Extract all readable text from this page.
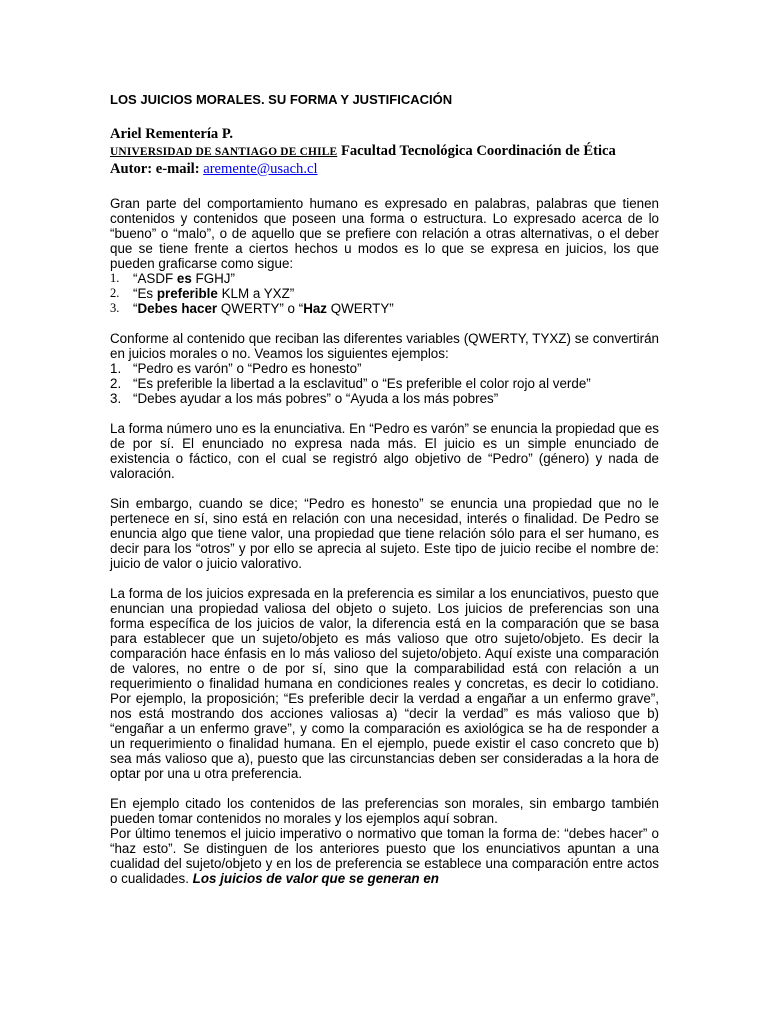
LOS JUICIOS MORALES. SU FORMA Y JUSTIFICACIÓN
Ariel Rementería P.
UNIVERSIDAD DE SANTIAGO DE CHILE Facultad Tecnológica Coordinación de Ética
Autor: e-mail: aremente@usach.cl

Gran parte del comportamiento humano es expresado en palabras, palabras que tienen contenidos y contenidos que poseen una forma o estructura. Lo expresado acerca de lo “bueno” o “malo”, o de aquello que se prefiere con relación a otras alternativas, o el deber que se tiene frente a ciertos hechos u modos es lo que se expresa en juicios, los que pueden graficarse como sigue:

1. “ASDF es FGHJ”
2. “Es preferible KLM a YXZ”
3. “Debes hacer QWERTY” o “Haz QWERTY”

Conforme al contenido que reciban las diferentes variables (QWERTY, TYXZ) se convertirán en juicios morales o no. Veamos los siguientes ejemplos:

1. “Pedro es varón” o “Pedro es honesto”
2. “Es preferible la libertad a la esclavitud” o “Es preferible el color rojo al verde”
3. “Debes ayudar a los más pobres” o “Ayuda a los más pobres”

La forma número uno es la enunciativa. En “Pedro es varón” se enuncia la propiedad que es de por sí. El enunciado no expresa nada más. El juicio es un simple enunciado de existencia o fáctico, con el cual se registró algo objetivo de “Pedro” (género) y nada de valoración.

Sin embargo, cuando se dice; “Pedro es honesto” se enuncia una propiedad que no le pertenece en sí, sino está en relación con una necesidad, interés o finalidad. De Pedro se enuncia algo que tiene valor, una propiedad que tiene relación sólo para el ser humano, es decir para los “otros” y por ello se aprecia al sujeto. Este tipo de juicio recibe el nombre de: juicio de valor o juicio valorativo.

La forma de los juicios expresada en la preferencia es similar a los enunciativos, puesto que enuncian una propiedad valiosa del objeto o sujeto. Los juicios de preferencias son una forma específica de los juicios de valor, la diferencia está en la comparación que se basa para establecer que un sujeto/objeto es más valioso que otro sujeto/objeto. Es decir la comparación hace énfasis en lo más valioso del sujeto/objeto. Aquí existe una comparación de valores, no entre o de por sí, sino que la comparabilidad está con relación a un requerimiento o finalidad humana en condiciones reales y concretas, es decir lo cotidiano. Por ejemplo, la proposición; “Es preferible decir la verdad a engañar a un enfermo grave”, nos está mostrando dos acciones valiosas a) “decir la verdad” es más valioso que b) “engañar a un enfermo grave”, y como la comparación es axiológica se ha de responder a un requerimiento o finalidad humana. En el ejemplo, puede existir el caso concreto que b) sea más valioso que a), puesto que las circunstancias deben ser consideradas a la hora de optar por una u otra preferencia.

En ejemplo citado los contenidos de las preferencias son morales, sin embargo también pueden tomar contenidos no morales y los ejemplos aquí sobran.

Por último tenemos el juicio imperativo o normativo que toman la forma de: “debes hacer” o “haz esto”. Se distinguen de los anteriores puesto que los enunciativos apuntan a una cualidad del sujeto/objeto y en los de preferencia se establece una comparación entre actos o cualidades. Los juicios de valor que se generan en
